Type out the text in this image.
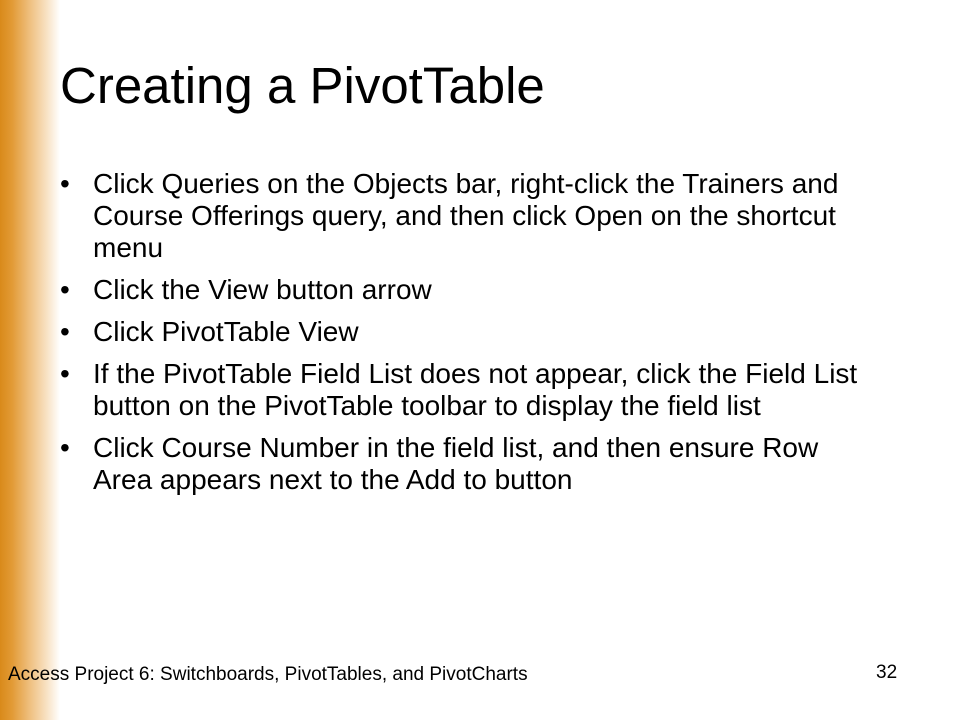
Creating a PivotTable
• Click Queries on the Objects bar, right-click the Trainers and Course Offerings query, and then click Open on the shortcut menu
• Click the View button arrow
• Click PivotTable View
• If the PivotTable Field List does not appear, click the Field List button on the PivotTable toolbar to display the field list
• Click Course Number in the field list, and then ensure Row Area appears next to the Add to button
Access Project 6: Switchboards, PivotTables, and PivotCharts	32
